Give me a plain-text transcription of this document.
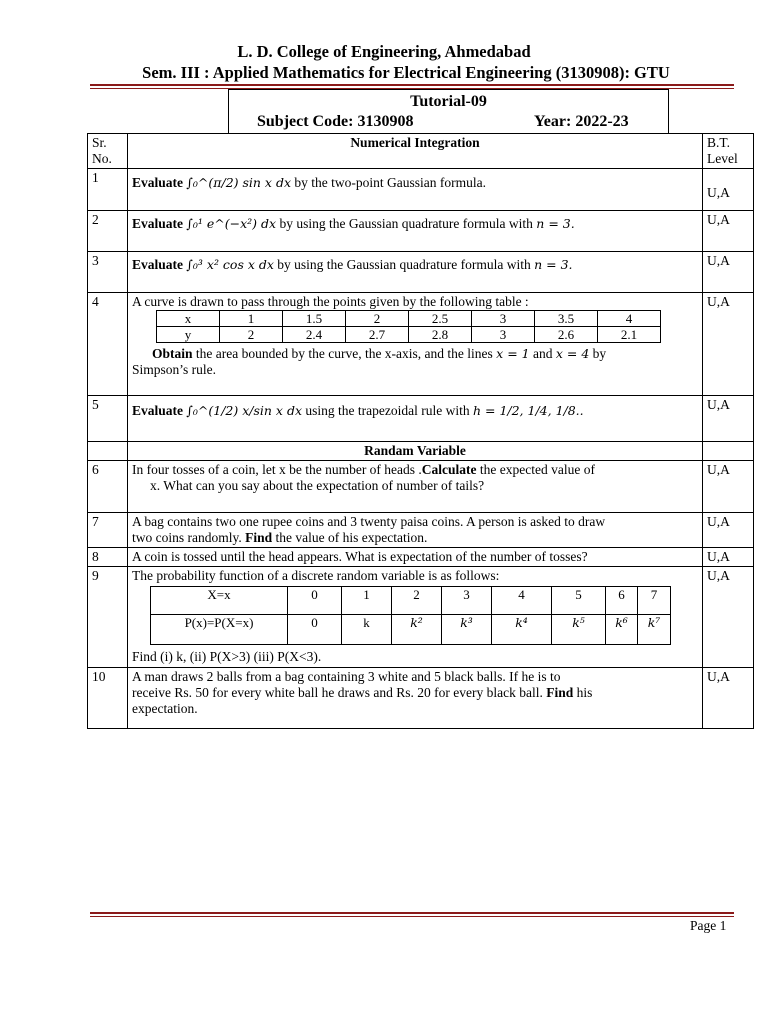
L. D. College of Engineering, Ahmedabad
Sem. III : Applied Mathematics for Electrical Engineering (3130908): GTU
Tutorial-09
Subject Code: 3130908	Year: 2022-23
Sr.
No.
	Numerical Integration	B.T.
Level

1	Evaluate ∫₀^(π/2) sin x dx by the two-point Gaussian formula.	U,A
2	Evaluate ∫₀¹ e^(−x²) dx by using the Gaussian quadrature formula with n = 3.	U,A
3	Evaluate ∫₀³ x² cos x dx by using the Gaussian quadrature formula with n = 3.	U,A
4	A curve is drawn to pass through the points given by the following table :
x	1	1.5	2	2.5	3	3.5	4
y	2	2.4	2.7	2.8	3	2.6	2.1
Obtain the area bounded by the curve, the x-axis, and the lines x = 1 and x = 4 by
Simpson’s rule.
	U,A
5	Evaluate ∫₀^(1/2) x/sin x dx using the trapezoidal rule with h = 1/2, 1/4, 1/8..	U,A
	Randam Variable	
6	In four tosses of a coin, let x be the number of heads .Calculate the expected value of
x. What can you say about the expectation of number of tails?
	U,A
7	A bag contains two one rupee coins and 3 twenty paisa coins. A person is asked to draw
two coins randomly. Find the value of his expectation.
	U,A
8	A coin is tossed until the head appears. What is expectation of the number of tosses?	U,A
9	The probability function of a discrete random variable is as follows:
X=x	0	1	2	3	4	5	6	7
P(x)=P(X=x)	0	k	k²	k³	k⁴	k⁵	k⁶	k⁷
Find (i) k, (ii) P(X>3) (iii) P(X<3).
	U,A
10	A man draws 2 balls from a bag containing 3 white and 5 black balls. If he is to
receive Rs. 50 for every white ball he draws and Rs. 20 for every black ball. Find his
expectation.
	U,A
Page 1
